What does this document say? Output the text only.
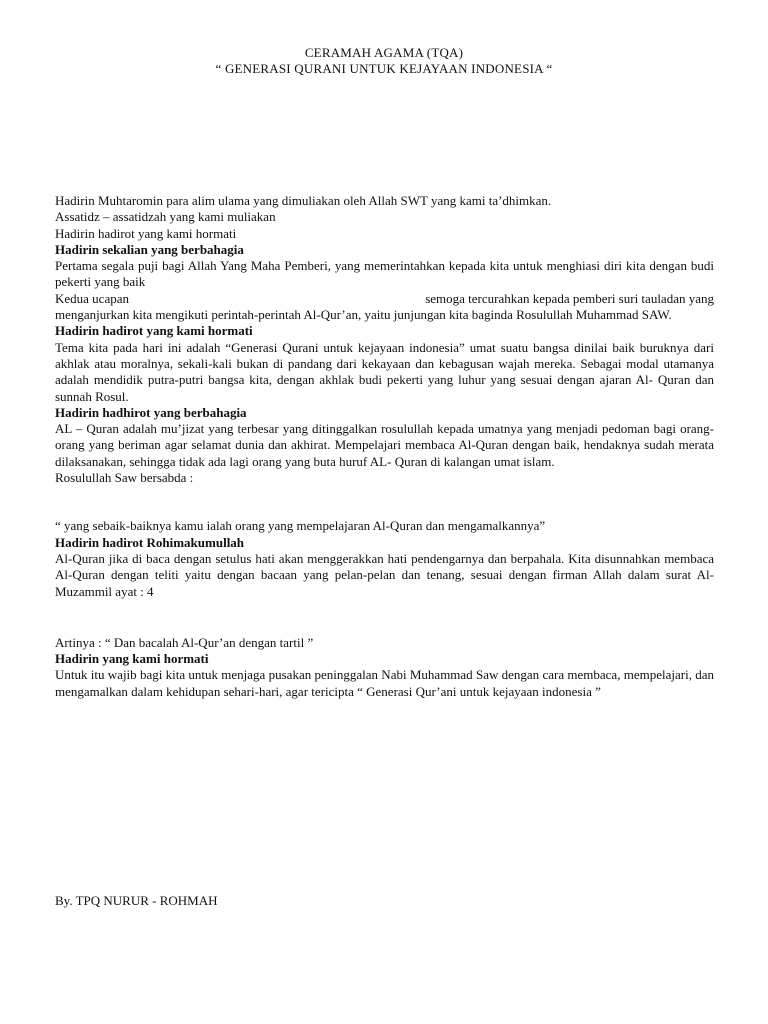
CERAMAH AGAMA (TQA)
“ GENERASI QURANI UNTUK KEJAYAAN INDONESIA “

Hadirin Muhtaromin para alim ulama yang dimuliakan oleh Allah SWT yang kami ta’dhimkan.

Assatidz – assatidzah yang kami muliakan

Hadirin hadirot yang kami hormati

Hadirin sekalian yang berbahagia

Pertama segala puji bagi Allah Yang Maha Pemberi, yang memerintahkan kepada kita untuk menghiasi diri kita dengan budi pekerti yang baik

Kedua ucapan	semoga tercurahkan kepada pemberi suri tauladan yang

menganjurkan kita mengikuti perintah-perintah Al-Qur’an, yaitu junjungan kita baginda Rosulullah Muhammad SAW.

Hadirin hadirot yang kami hormati

Tema kita pada hari ini adalah “Generasi Qurani untuk kejayaan indonesia” umat suatu bangsa dinilai baik buruknya dari akhlak atau moralnya, sekali-kali bukan di pandang dari kekayaan dan kebagusan wajah mereka. Sebagai modal utamanya adalah mendidik putra-putri bangsa kita, dengan akhlak budi pekerti yang luhur yang sesuai dengan ajaran Al- Quran dan sunnah Rosul.

Hadirin hadhirot yang berbahagia

AL – Quran adalah mu’jizat yang terbesar yang ditinggalkan rosulullah kepada umatnya yang menjadi pedoman bagi orang-orang yang beriman agar selamat dunia dan akhirat. Mempelajari membaca Al-Quran dengan baik, hendaknya sudah merata dilaksanakan, sehingga tidak ada lagi orang yang buta huruf AL- Quran di kalangan umat islam.

Rosulullah Saw bersabda :

“ yang sebaik-baiknya kamu ialah orang yang mempelajaran Al-Quran dan mengamalkannya”

Hadirin hadirot Rohimakumullah

Al-Quran jika di baca dengan setulus hati akan menggerakkan hati pendengarnya dan berpahala. Kita disunnahkan membaca Al-Quran dengan teliti yaitu dengan bacaan yang pelan-pelan dan tenang, sesuai dengan firman Allah dalam surat Al- Muzammil ayat : 4

Artinya : “ Dan bacalah Al-Qur’an dengan tartil ”

Hadirin yang kami hormati

Untuk itu wajib bagi kita untuk menjaga pusakan peninggalan Nabi Muhammad Saw dengan cara membaca, mempelajari, dan mengamalkan dalam kehidupan sehari-hari, agar tericipta “ Generasi Qur’ani untuk kejayaan indonesia ”

By. TPQ NURUR - ROHMAH
